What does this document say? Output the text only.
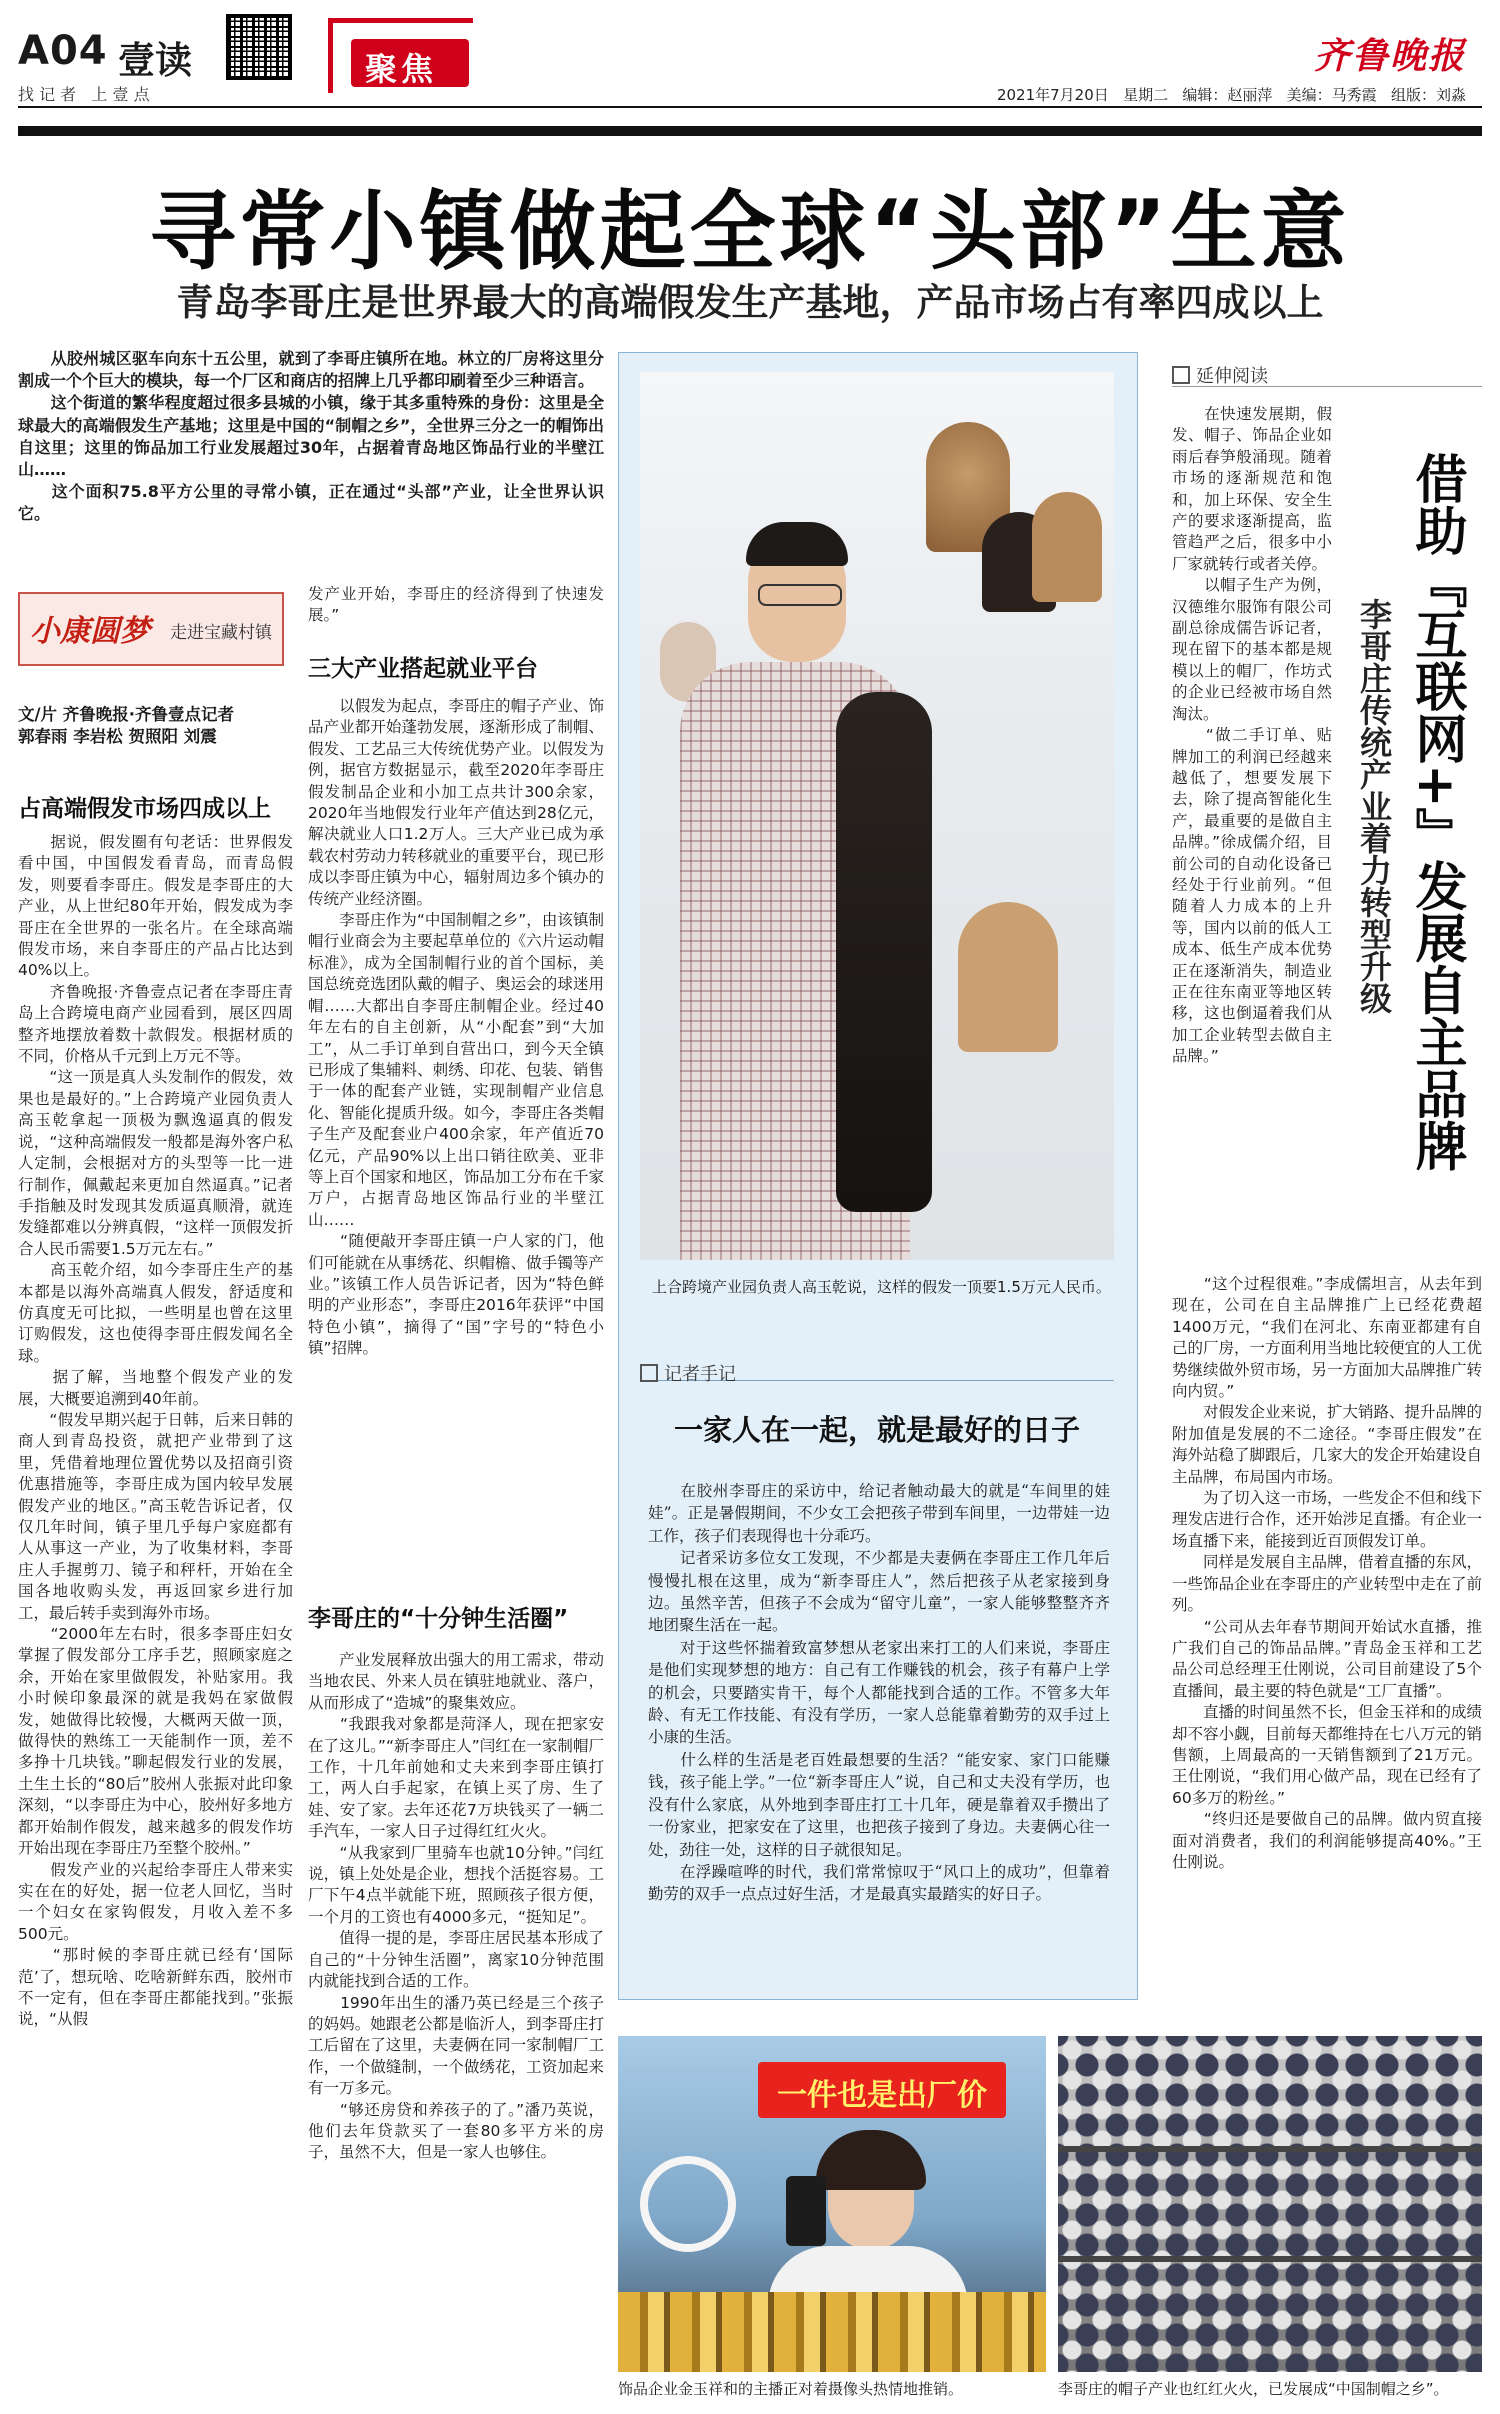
A04 壹读
找 记 者   上 壹 点
聚焦	齐鲁晚报
2021年7月20日   星期二   编辑：赵丽萍   美编：马秀霞   组版：刘淼
寻常小镇做起全球“头部”生意
青岛李哥庄是世界最大的高端假发生产基地，产品市场占有率四成以上
　　从胶州城区驱车向东十五公里，就到了李哥庄镇所在地。林立的厂房将这里分割成一个个巨大的模块，每一个厂区和商店的招牌上几乎都印刷着至少三种语言。
　　这个街道的繁华程度超过很多县城的小镇，缘于其多重特殊的身份：这里是全球最大的高端假发生产基地；这里是中国的“制帽之乡”，全世界三分之一的帽饰出自这里；这里的饰品加工行业发展超过30年，占据着青岛地区饰品行业的半壁江山……
　　这个面积75.8平方公里的寻常小镇，正在通过“头部”产业，让全世界认识它。
小康圆梦 走进宝藏村镇
文/片 齐鲁晚报·齐鲁壹点记者
郭春雨 李岩松 贺照阳 刘震
占高端假发市场四成以上
　　据说，假发圈有句老话：世界假发看中国，中国假发看青岛，而青岛假发，则要看李哥庄。假发是李哥庄的大产业，从上世纪80年开始，假发成为李哥庄在全世界的一张名片。在全球高端假发市场，来自李哥庄的产品占比达到40%以上。
　　齐鲁晚报·齐鲁壹点记者在李哥庄青岛上合跨境电商产业园看到，展区四周整齐地摆放着数十款假发。根据材质的不同，价格从千元到上万元不等。
　　“这一顶是真人头发制作的假发，效果也是最好的。”上合跨境产业园负责人高玉乾拿起一顶极为飘逸逼真的假发说，“这种高端假发一般都是海外客户私人定制，会根据对方的头型等一比一进行制作，佩戴起来更加自然逼真。”记者手指触及时发现其发质逼真顺滑，就连发缝都难以分辨真假，“这样一顶假发折合人民币需要1.5万元左右。”
　　高玉乾介绍，如今李哥庄生产的基本都是以海外高端真人假发，舒适度和仿真度无可比拟，一些明星也曾在这里订购假发，这也使得李哥庄假发闻名全球。
　　据了解，当地整个假发产业的发展，大概要追溯到40年前。
　　“假发早期兴起于日韩，后来日韩的商人到青岛投资，就把产业带到了这里，凭借着地理位置优势以及招商引资优惠措施等，李哥庄成为国内较早发展假发产业的地区。”高玉乾告诉记者，仅仅几年时间，镇子里几乎每户家庭都有人从事这一产业，为了收集材料，李哥庄人手握剪刀、镜子和秤杆，开始在全国各地收购头发，再返回家乡进行加工，最后转手卖到海外市场。
　　“2000年左右时，很多李哥庄妇女掌握了假发部分工序手艺，照顾家庭之余，开始在家里做假发，补贴家用。我小时候印象最深的就是我妈在家做假发，她做得比较慢，大概两天做一顶，做得快的熟练工一天能制作一顶，差不多挣十几块钱。”聊起假发行业的发展，土生土长的“80后”胶州人张振对此印象深刻，“以李哥庄为中心，胶州好多地方都开始制作假发，越来越多的假发作坊开始出现在李哥庄乃至整个胶州。”
　　假发产业的兴起给李哥庄人带来实实在在的好处，据一位老人回忆，当时一个妇女在家钩假发，月收入差不多500元。
　　“那时候的李哥庄就已经有‘国际范’了，想玩啥、吃啥新鲜东西，胶州市不一定有，但在李哥庄都能找到。”张振说，“从假
发产业开始，李哥庄的经济得到了快速发展。”
三大产业搭起就业平台
　　以假发为起点，李哥庄的帽子产业、饰品产业都开始蓬勃发展，逐渐形成了制帽、假发、工艺品三大传统优势产业。以假发为例，据官方数据显示，截至2020年李哥庄假发制品企业和小加工点共计300余家，2020年当地假发行业年产值达到28亿元，解决就业人口1.2万人。三大产业已成为承载农村劳动力转移就业的重要平台，现已形成以李哥庄镇为中心，辐射周边多个镇办的传统产业经济圈。
　　李哥庄作为“中国制帽之乡”，由该镇制帽行业商会为主要起草单位的《六片运动帽标准》，成为全国制帽行业的首个国标，美国总统竞选团队戴的帽子、奥运会的球迷用帽……大都出自李哥庄制帽企业。经过40年左右的自主创新，从“小配套”到“大加工”，从二手订单到自营出口，到今天全镇已形成了集辅料、刺绣、印花、包装、销售于一体的配套产业链，实现制帽产业信息化、智能化提质升级。如今，李哥庄各类帽子生产及配套业户400余家，年产值近70亿元，产品90%以上出口销往欧美、亚非等上百个国家和地区，饰品加工分布在千家万户，占据青岛地区饰品行业的半壁江山……
　　“随便敲开李哥庄镇一户人家的门，他们可能就在从事绣花、织帽檐、做手镯等产业。”该镇工作人员告诉记者，因为“特色鲜明的产业形态”，李哥庄2016年获评“中国特色小镇”，摘得了“国”字号的“特色小镇”招牌。
李哥庄的“十分钟生活圈”
　　产业发展释放出强大的用工需求，带动当地农民、外来人员在镇驻地就业、落户，从而形成了“造城”的聚集效应。
　　“我跟我对象都是菏泽人，现在把家安在了这儿。”“新李哥庄人”闫红在一家制帽厂工作，十几年前她和丈夫来到李哥庄镇打工，两人白手起家，在镇上买了房、生了娃、安了家。去年还花7万块钱买了一辆二手汽车，一家人日子过得红红火火。
　　“从我家到厂里骑车也就10分钟。”闫红说，镇上处处是企业，想找个活挺容易。工厂下午4点半就能下班，照顾孩子很方便，一个月的工资也有4000多元，“挺知足”。
　　值得一提的是，李哥庄居民基本形成了自己的“十分钟生活圈”，离家10分钟范围内就能找到合适的工作。
　　1990年出生的潘乃英已经是三个孩子的妈妈。她跟老公都是临沂人，到李哥庄打工后留在了这里，夫妻俩在同一家制帽厂工作，一个做缝制，一个做绣花，工资加起来有一万多元。
　　“够还房贷和养孩子的了。”潘乃英说，他们去年贷款买了一套80多平方米的房子，虽然不大，但是一家人也够住。
上合跨境产业园负责人高玉乾说，这样的假发一顶要1.5万元人民币。
记者手记
一家人在一起，就是最好的日子
　　在胶州李哥庄的采访中，给记者触动最大的就是“车间里的娃娃”。正是暑假期间，不少女工会把孩子带到车间里，一边带娃一边工作，孩子们表现得也十分乖巧。
　　记者采访多位女工发现，不少都是夫妻俩在李哥庄工作几年后慢慢扎根在这里，成为“新李哥庄人”，然后把孩子从老家接到身边。虽然辛苦，但孩子不会成为“留守儿童”，一家人能够整整齐齐地团聚生活在一起。
　　对于这些怀揣着致富梦想从老家出来打工的人们来说，李哥庄是他们实现梦想的地方：自己有工作赚钱的机会，孩子有幕户上学的机会，只要踏实肯干，每个人都能找到合适的工作。不管多大年龄、有无工作技能、有没有学历，一家人总能靠着勤劳的双手过上小康的生活。
　　什么样的生活是老百姓最想要的生活？“能安家、家门口能赚钱，孩子能上学。”一位“新李哥庄人”说，自己和丈夫没有学历，也没有什么家底，从外地到李哥庄打工十几年，硬是靠着双手攒出了一份家业，把家安在了这里，也把孩子接到了身边。夫妻俩心往一处，劲往一处，这样的日子就很知足。
　　在浮躁喧哗的时代，我们常常惊叹于“风口上的成功”，但靠着勤劳的双手一点点过好生活，才是最真实最踏实的好日子。
延伸阅读
　　在快速发展期，假发、帽子、饰品企业如雨后春笋般涌现。随着市场的逐渐规范和饱和，加上环保、安全生产的要求逐渐提高，监管趋严之后，很多中小厂家就转行或者关停。
　　以帽子生产为例，汉德维尔服饰有限公司副总徐成儒告诉记者，现在留下的基本都是规模以上的帽厂，作坊式的企业已经被市场自然淘汰。
　　“做二手订单、贴牌加工的利润已经越来越低了，想要发展下去，除了提高智能化生产，最重要的是做自主品牌。”徐成儒介绍，目前公司的自动化设备已经处于行业前列。“但随着人力成本的上升等，国内以前的低人工成本、低生产成本优势正在逐渐消失，制造业正在往东南亚等地区转移，这也倒逼着我们从加工企业转型去做自主品牌。”	借助『互联网+』发展自主品牌
李哥庄传统产业着力转型升级
　　“这个过程很难。”李成儒坦言，从去年到现在，公司在自主品牌推广上已经花费超1400万元，“我们在河北、东南亚都建有自己的厂房，一方面利用当地比较便宜的人工优势继续做外贸市场，另一方面加大品牌推广转向内贸。”
　　对假发企业来说，扩大销路、提升品牌的附加值是发展的不二途径。“李哥庄假发”在海外站稳了脚跟后，几家大的发企开始建设自主品牌，布局国内市场。
　　为了切入这一市场，一些发企不但和线下理发店进行合作，还开始涉足直播。有企业一场直播下来，能接到近百顶假发订单。
　　同样是发展自主品牌，借着直播的东风，一些饰品企业在李哥庄的产业转型中走在了前列。
　　“公司从去年春节期间开始试水直播，推广我们自己的饰品品牌。”青岛金玉祥和工艺品公司总经理王仕刚说，公司目前建设了5个直播间，最主要的特色就是“工厂直播”。
　　直播的时间虽然不长，但金玉祥和的成绩却不容小觑，目前每天都维持在七八万元的销售额，上周最高的一天销售额到了21万元。王仕刚说，“我们用心做产品，现在已经有了60多万的粉丝。”
　　“终归还是要做自己的品牌。做内贸直接面对消费者，我们的利润能够提高40%。”王仕刚说。
一件也是出厂价
饰品企业金玉祥和的主播正对着摄像头热情地推销。	李哥庄的帽子产业也红红火火，已发展成“中国制帽之乡”。
